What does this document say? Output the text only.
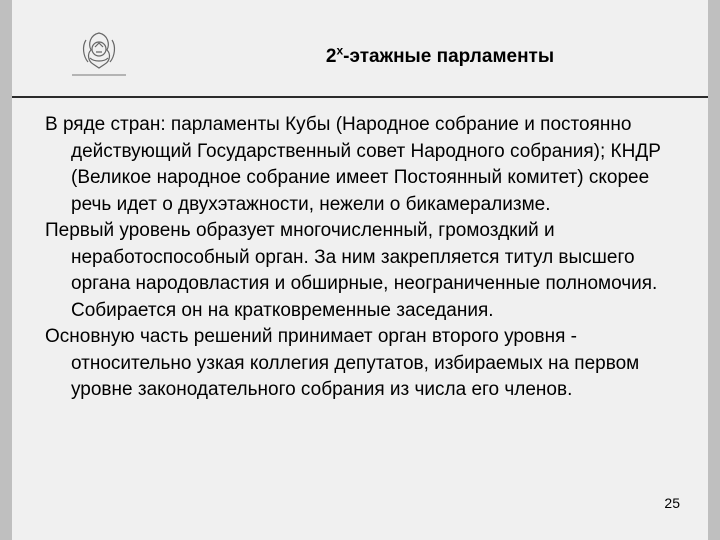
$2^х$-этажные парламенты

В ряде стран: парламенты Кубы (Народное собрание и постоянно действующий Государственный совет Народного собрания); КНДР (Великое народное собрание имеет Постоянный комитет) скорее речь идет о двухэтажности, нежели о бикамерализме.

Первый уровень образует многочисленный, громоздкий и неработоспособный орган. За ним закрепляется титул высшего органа народовластия и обширные, неограниченные полномочия. Собирается он на кратковременные заседания.

Основную часть решений принимает орган второго уровня - относительно узкая коллегия депутатов, избираемых на первом уровне законодательного собрания из числа его членов.

25
